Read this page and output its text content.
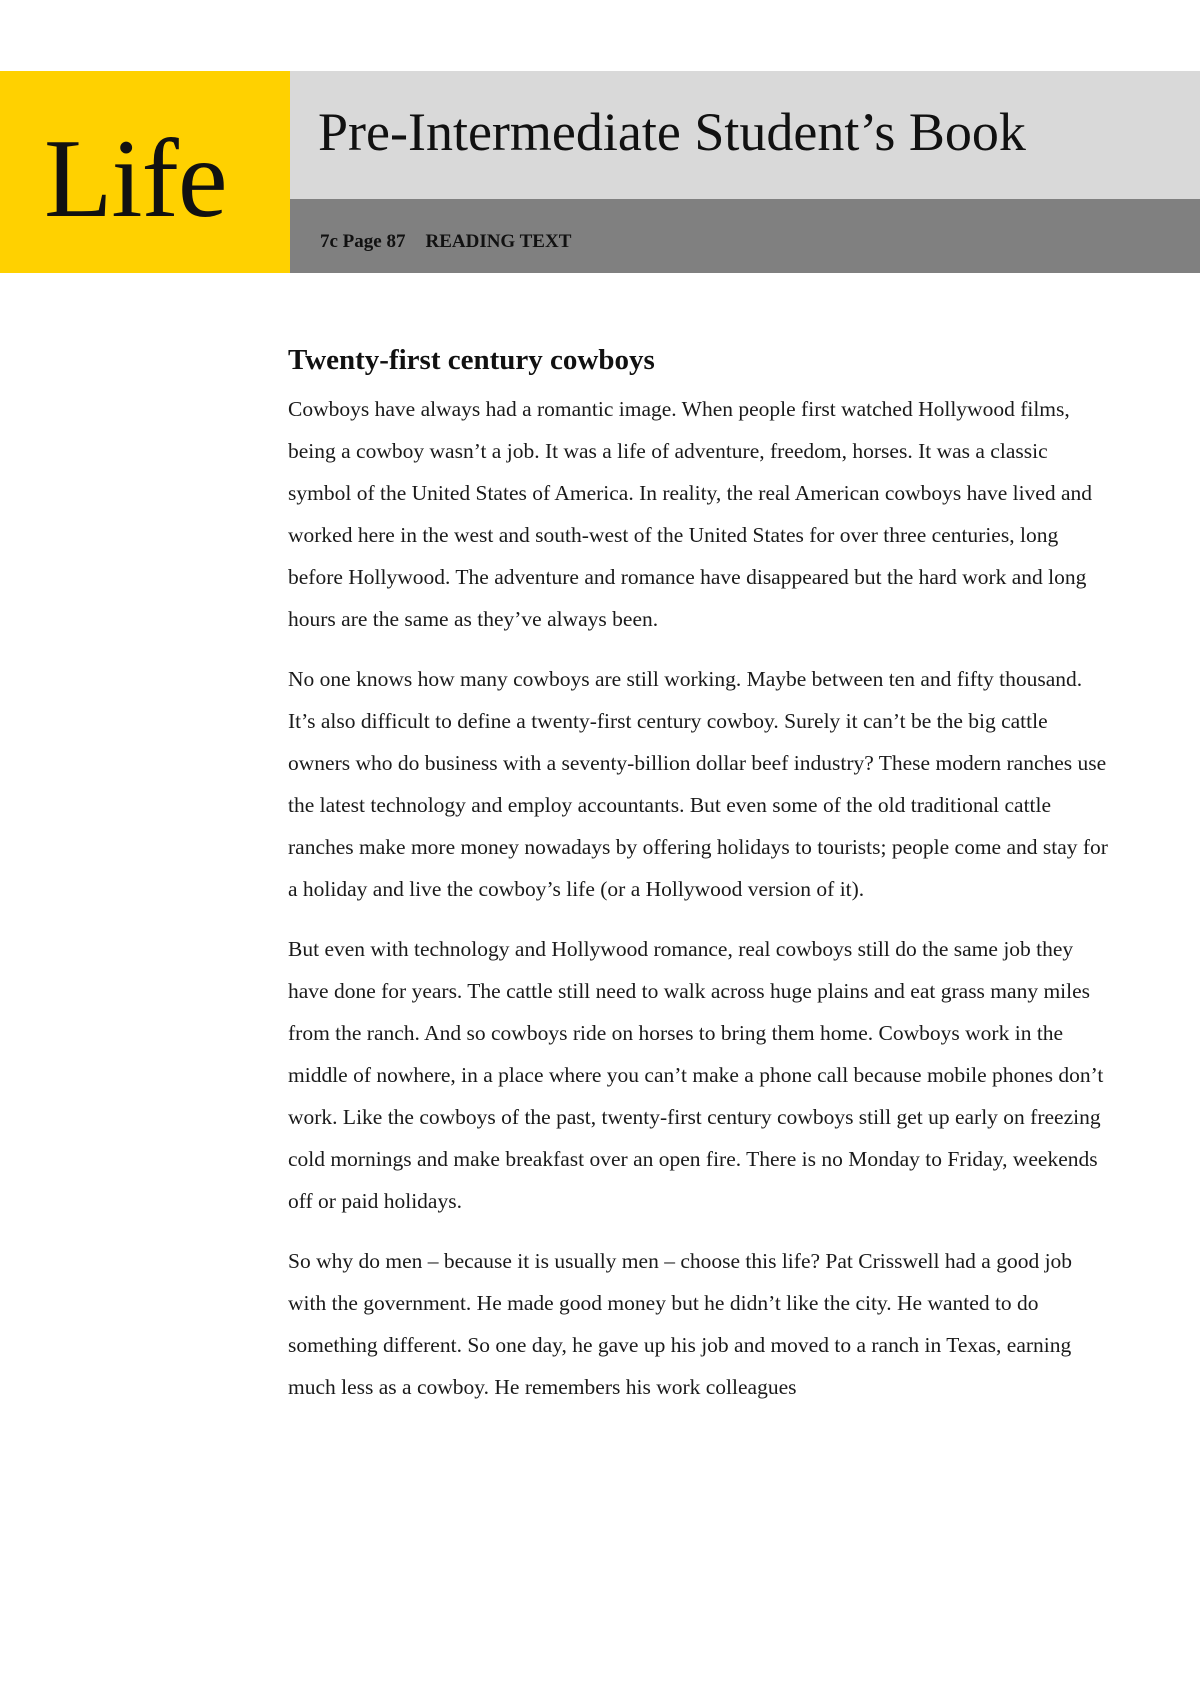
Life Pre-Intermediate Student’s Book
7c Page 87 READING TEXT
Twenty-first century cowboys

Cowboys have always had a romantic image. When people first watched Hollywood films, being a cowboy wasn’t a job. It was a life of adventure, freedom, horses. It was a classic symbol of the United States of America. In reality, the real American cowboys have lived and worked here in the west and south-west of the United States for over three centuries, long before Hollywood. The adventure and romance have disappeared but the hard work and long hours are the same as they’ve always been.

No one knows how many cowboys are still working. Maybe between ten and fifty thousand. It’s also difficult to define a twenty-first century cowboy. Surely it can’t be the big cattle owners who do business with a seventy-billion dollar beef industry? These modern ranches use the latest technology and employ accountants. But even some of the old traditional cattle ranches make more money nowadays by offering holidays to tourists; people come and stay for a holiday and live the cowboy’s life (or a Hollywood version of it).

But even with technology and Hollywood romance, real cowboys still do the same job they have done for years. The cattle still need to walk across huge plains and eat grass many miles from the ranch. And so cowboys ride on horses to bring them home. Cowboys work in the middle of nowhere, in a place where you can’t make a phone call because mobile phones don’t work. Like the cowboys of the past, twenty-first century cowboys still get up early on freezing cold mornings and make breakfast over an open fire. There is no Monday to Friday, weekends off or paid holidays.

So why do men – because it is usually men – choose this life? Pat Crisswell had a good job with the government. He made good money but he didn’t like the city. He wanted to do something different. So one day, he gave up his job and moved to a ranch in Texas, earning much less as a cowboy. He remembers his work colleagues
